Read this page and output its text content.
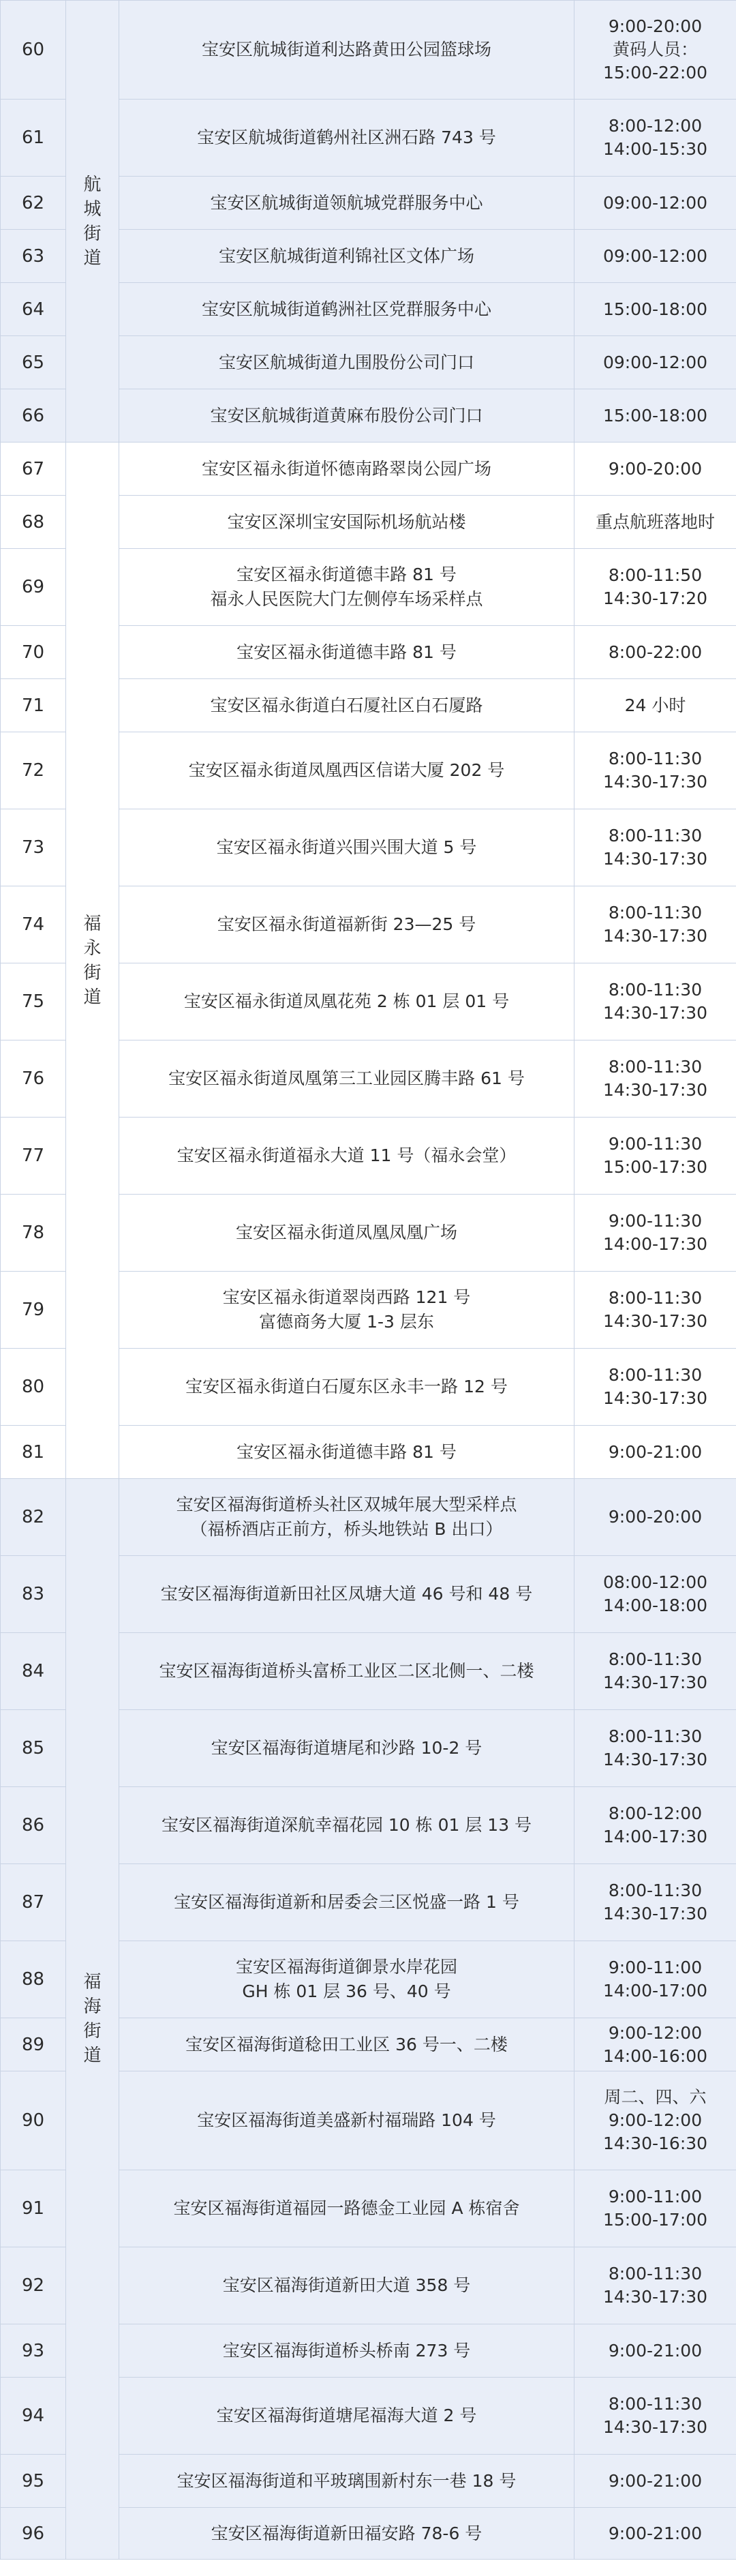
60	航城街道	宝安区航城街道利达路黄田公园篮球场	9:00-20:00
黄码人员：
15:00-22:00
61		宝安区航城街道鹤州社区洲石路 743 号	8:00-12:00
14:00-15:30
62		宝安区航城街道领航城党群服务中心	09:00-12:00
63		宝安区航城街道利锦社区文体广场	09:00-12:00
64		宝安区航城街道鹤洲社区党群服务中心	15:00-18:00
65		宝安区航城街道九围股份公司门口	09:00-12:00
66		宝安区航城街道黄麻布股份公司门口	15:00-18:00
67	福永街道	宝安区福永街道怀德南路翠岗公园广场	9:00-20:00
68		宝安区深圳宝安国际机场航站楼	重点航班落地时
69		宝安区福永街道德丰路 81 号
福永人民医院大门左侧停车场采样点	8:00-11:50
14:30-17:20
70		宝安区福永街道德丰路 81 号	8:00-22:00
71		宝安区福永街道白石厦社区白石厦路	24 小时
72		宝安区福永街道凤凰西区信诺大厦 202 号	8:00-11:30
14:30-17:30
73		宝安区福永街道兴围兴围大道 5 号	8:00-11:30
14:30-17:30
74		宝安区福永街道福新街 23—25 号	8:00-11:30
14:30-17:30
75		宝安区福永街道凤凰花苑 2 栋 01 层 01 号	8:00-11:30
14:30-17:30
76		宝安区福永街道凤凰第三工业园区腾丰路 61 号	8:00-11:30
14:30-17:30
77		宝安区福永街道福永大道 11 号（福永会堂）	9:00-11:30
15:00-17:30
78		宝安区福永街道凤凰凤凰广场	9:00-11:30
14:00-17:30
79		宝安区福永街道翠岗西路 121 号
富德商务大厦 1-3 层东	8:00-11:30
14:30-17:30
80		宝安区福永街道白石厦东区永丰一路 12 号	8:00-11:30
14:30-17:30
81		宝安区福永街道德丰路 81 号	9:00-21:00
82	福海街道	宝安区福海街道桥头社区双城年展大型采样点
（福桥酒店正前方，桥头地铁站 B 出口）	9:00-20:00
83		宝安区福海街道新田社区凤塘大道 46 号和 48 号	08:00-12:00
14:00-18:00
84		宝安区福海街道桥头富桥工业区二区北侧一、二楼	8:00-11:30
14:30-17:30
85		宝安区福海街道塘尾和沙路 10-2 号	8:00-11:30
14:30-17:30
86		宝安区福海街道深航幸福花园 10 栋 01 层 13 号	8:00-12:00
14:00-17:30
87		宝安区福海街道新和居委会三区悦盛一路 1 号	8:00-11:30
14:30-17:30
88		宝安区福海街道御景水岸花园
GH 栋 01 层 36 号、40 号	9:00-11:00
14:00-17:00
89		宝安区福海街道稔田工业区 36 号一、二楼	9:00-12:00
14:00-16:00
90		宝安区福海街道美盛新村福瑞路 104 号	周二、四、六
9:00-12:00
14:30-16:30
91		宝安区福海街道福园一路德金工业园 A 栋宿舍	9:00-11:00
15:00-17:00
92		宝安区福海街道新田大道 358 号	8:00-11:30
14:30-17:30
93		宝安区福海街道桥头桥南 273 号	9:00-21:00
94		宝安区福海街道塘尾福海大道 2 号	8:00-11:30
14:30-17:30
95		宝安区福海街道和平玻璃围新村东一巷 18 号	9:00-21:00
96		宝安区福海街道新田福安路 78-6 号	9:00-21:00
